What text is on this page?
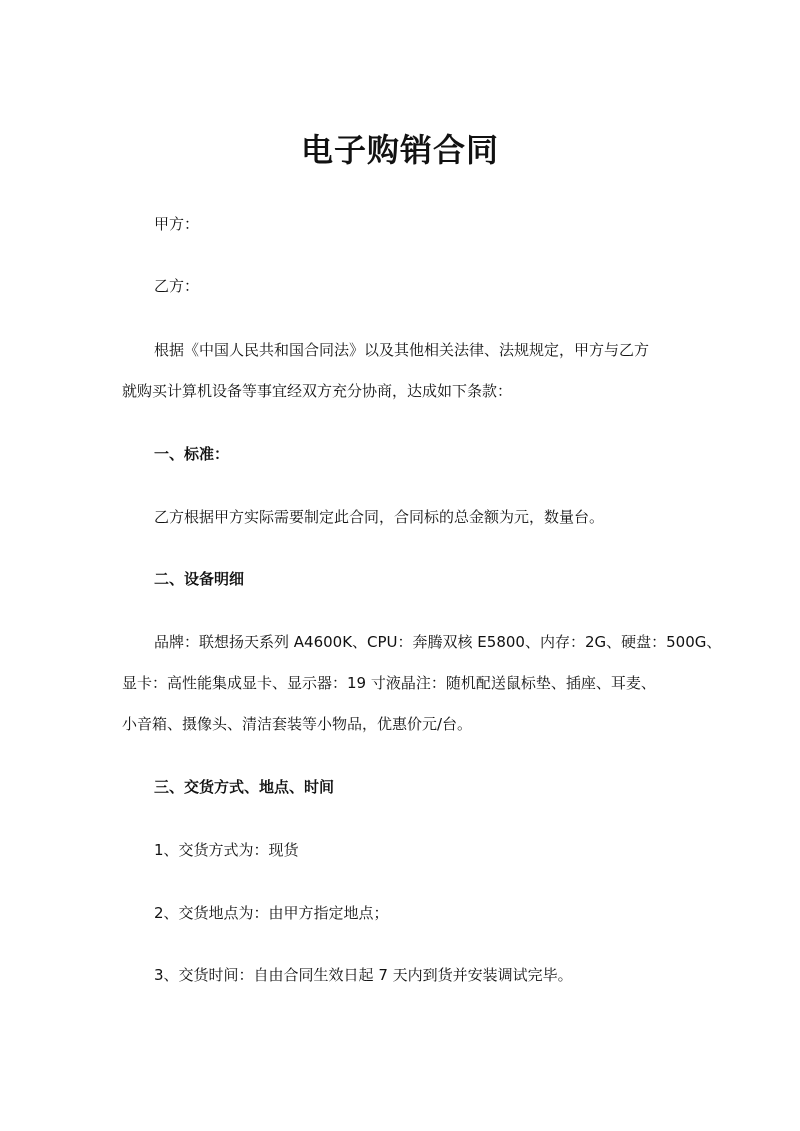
电子购销合同
甲方：
乙方：
根据《中国人民共和国合同法》以及其他相关法律、法规规定，甲方与乙方
就购买计算机设备等事宜经双方充分协商，达成如下条款：
一、标准：
乙方根据甲方实际需要制定此合同，合同标的总金额为元，数量台。
二、设备明细
品牌：联想扬天系列 A4600K、CPU：奔腾双核 E5800、内存：2G、硬盘：500G、
显卡：高性能集成显卡、显示器：19 寸液晶注：随机配送鼠标垫、插座、耳麦、
小音箱、摄像头、清洁套装等小物品，优惠价元/台。
三、交货方式、地点、时间
1、交货方式为：现货
2、交货地点为：由甲方指定地点；
3、交货时间：自由合同生效日起 7 天内到货并安装调试完毕。
